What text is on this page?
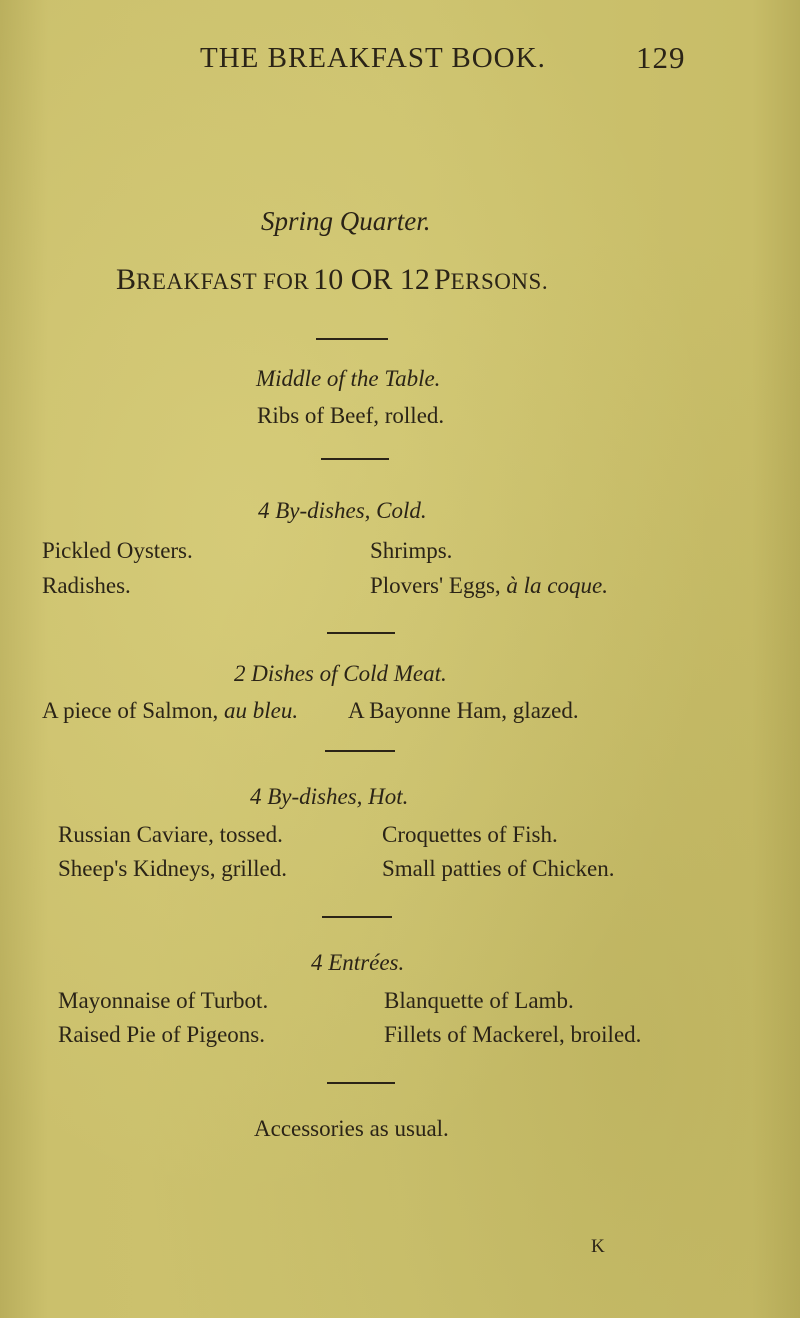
THE BREAKFAST BOOK.	129
Spring Quarter.
BREAKFAST FOR 10 OR 12 PERSONS.
Middle of the Table.
Ribs of Beef, rolled.
4 By-dishes, Cold.
Pickled Oysters.
Radishes.
Shrimps.
Plovers' Eggs, à la coque.
2 Dishes of Cold Meat.
A piece of Salmon, au bleu. A Bayonne Ham, glazed.
4 By-dishes, Hot.
Russian Caviare, tossed.
Sheep's Kidneys, grilled.
Croquettes of Fish.
Small patties of Chicken.
4 Entrées.
Mayonnaise of Turbot.
Raised Pie of Pigeons.
Blanquette of Lamb.
Fillets of Mackerel, broiled.
Accessories as usual.
K
